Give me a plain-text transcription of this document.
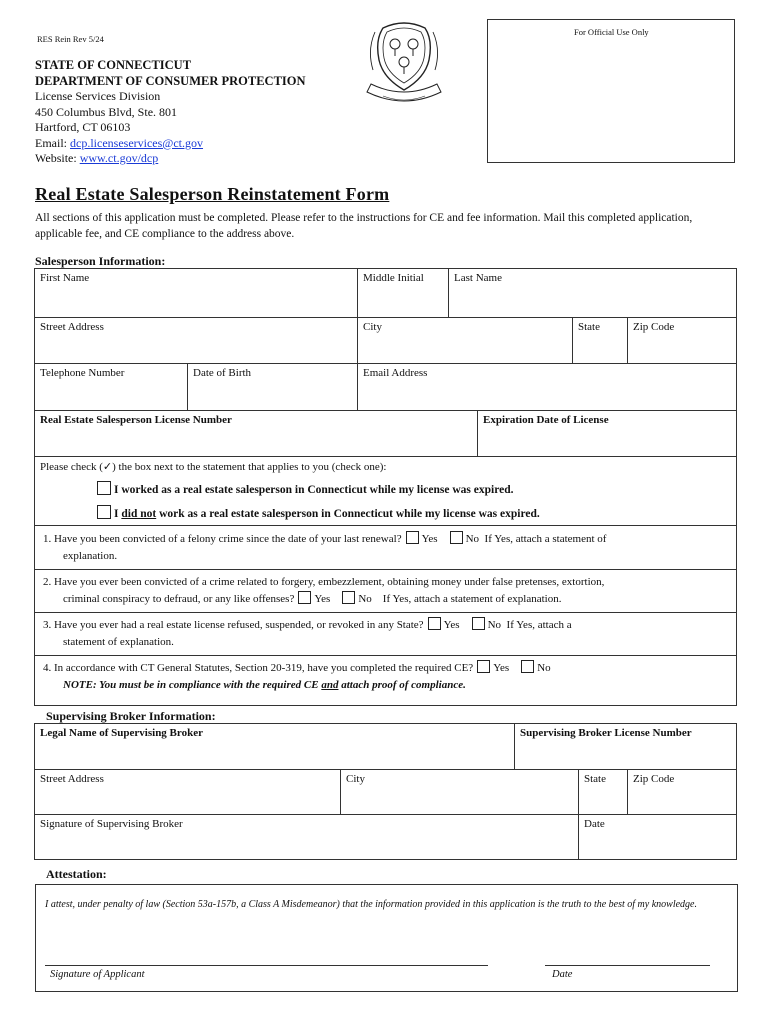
RES Rein Rev 5/24
For Official Use Only
STATE OF CONNECTICUT
DEPARTMENT OF CONSUMER PROTECTION
License Services Division
450 Columbus Blvd, Ste. 801
Hartford, CT 06103
Email: dcp.licenseservices@ct.gov
Website: www.ct.gov/dcp
Real Estate Salesperson Reinstatement Form
All sections of this application must be completed. Please refer to the instructions for CE and fee information. Mail this completed application, applicable fee, and CE compliance to the address above.
Salesperson Information:
First Name	Middle Initial	Last Name
Street Address	City	State	Zip Code
Telephone Number	Date of Birth	Email Address
Real Estate Salesperson License Number	Expiration Date of License
Please check (✓) the box next to the statement that applies to you (check one):
I worked as a real estate salesperson in Connecticut while my license was expired.
I did not work as a real estate salesperson in Connecticut while my license was expired.
1. Have you been convicted of a felony crime since the date of your last renewal? Yes	No If Yes, attach a statement of
explanation.
2. Have you ever been convicted of a crime related to forgery, embezzlement, obtaining money under false pretenses, extortion,
criminal conspiracy to defraud, or any like offenses? Yes	No If Yes, attach a statement of explanation.
3. Have you ever had a real estate license refused, suspended, or revoked in any State? Yes	No If Yes, attach a
statement of explanation.
4. In accordance with CT General Statutes, Section 20-319, have you completed the required CE? Yes	No
NOTE: You must be in compliance with the required CE and attach proof of compliance.
Supervising Broker Information:
Legal Name of Supervising Broker	Supervising Broker License Number
Street Address	City	State	Zip Code
Signature of Supervising Broker	Date
Attestation:
I attest, under penalty of law (Section 53a-157b, a Class A Misdemeanor) that the information provided in this application is the truth to the best of my knowledge.
Signature of Applicant	Date
